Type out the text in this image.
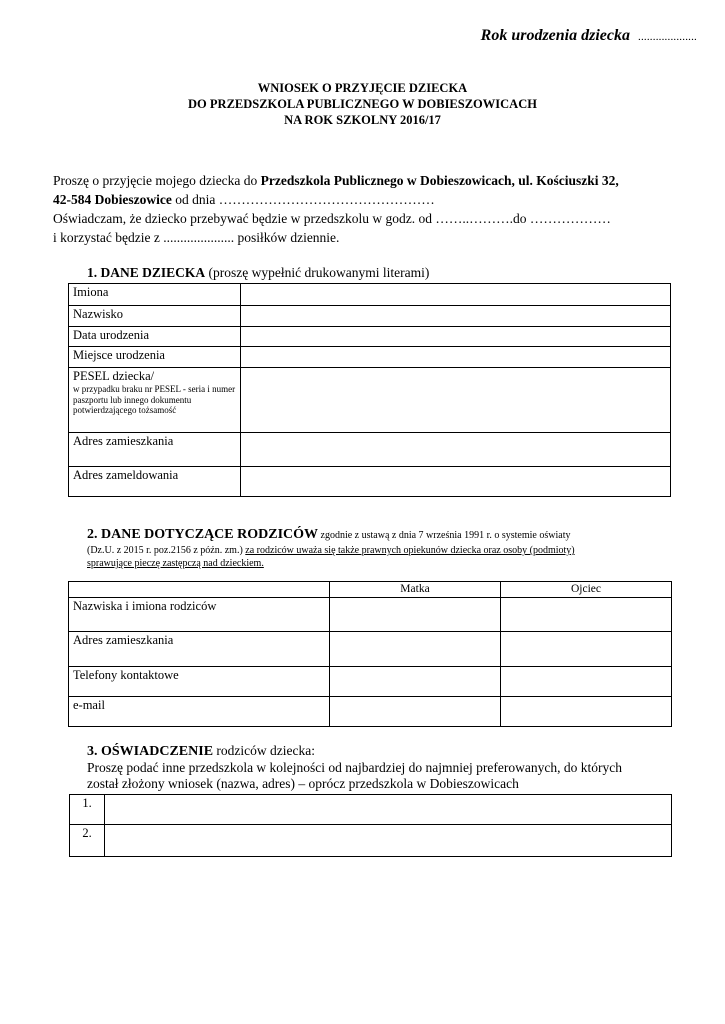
Rok urodzenia dziecka ....................
WNIOSEK O PRZYJĘCIE DZIECKA
DO PRZEDSZKOLA PUBLICZNEGO W DOBIESZOWICACH
NA ROK SZKOLNY 2016/17

Proszę o przyjęcie mojego dziecka do Przedszkola Publicznego w Dobieszowicach, ul. Kościuszki 32,

42-584 Dobieszowice od dnia …………………………………………

Oświadczam, że dziecko przebywać będzie w przedszkolu w godz. od ……..……….do ………………

i korzystać będzie z ..................... posiłków dziennie.

1. DANE DZIECKA (proszę wypełnić drukowanymi literami)
Imiona	
Nazwisko	
Data urodzenia	
Miejsce urodzenia	
PESEL dziecka/
w przypadku braku nr PESEL - seria i numer paszportu lub innego dokumentu potwierdzającego tożsamość	

Adres zamieszkania	
Adres zameldowania	
2. DANE DOTYCZĄCE RODZICÓW zgodnie z ustawą z dnia 7 września 1991 r. o systemie oświaty
(Dz.U. z 2015 r. poz.2156 z późn. zm.) za rodziców uważa się także prawnych opiekunów dziecka oraz osoby (podmioty)
sprawujące pieczę zastępczą nad dzieckiem.
	Matka	Ojciec
Nazwiska i imiona rodziców		
Adres zamieszkania		
Telefony kontaktowe		
e-mail		
3. OŚWIADCZENIE rodziców dziecka:
Proszę podać inne przedszkola w kolejności od najbardziej do najmniej preferowanych, do których
został złożony wniosek (nazwa, adres) – oprócz przedszkola w Dobieszowicach
1.	
2.	
